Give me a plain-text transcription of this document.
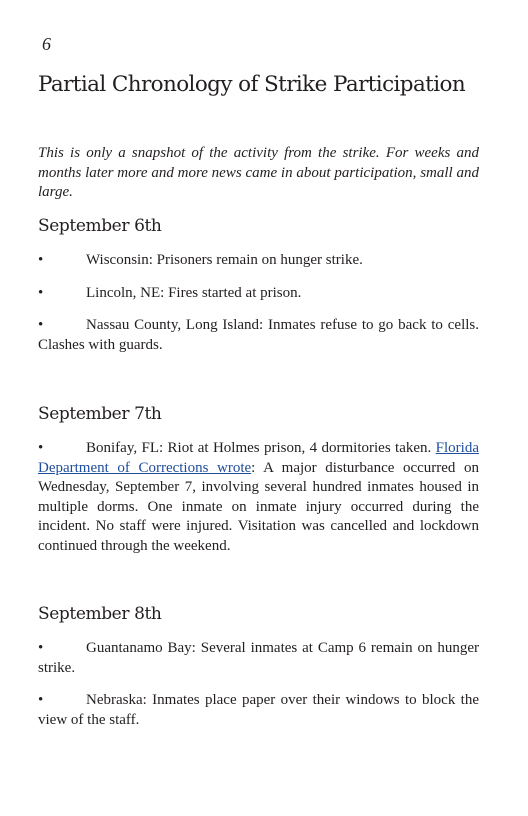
6
Partial Chronology of Strike Participation

This is only a snapshot of the activity from the strike. For weeks and months later more and more news came in about participation, small and large.

September 6th

•	Wisconsin: Prisoners remain on hunger strike.

•	Lincoln, NE: Fires started at prison.

•	Nassau County, Long Island: Inmates refuse to go back to cells. Clashes with guards.

September 7th

•	Bonifay, FL: Riot at Holmes prison, 4 dormitories taken. Florida Department of Corrections wrote: A major disturbance occurred on Wednesday, September 7, involving several hundred inmates housed in multiple dorms. One inmate on inmate injury occurred during the incident. No staff were injured. Visitation was cancelled and lockdown continued through the weekend.

September 8th

•	Guantanamo Bay: Several inmates at Camp 6 remain on hunger strike.

•	Nebraska: Inmates place paper over their windows to block the view of the staff.
